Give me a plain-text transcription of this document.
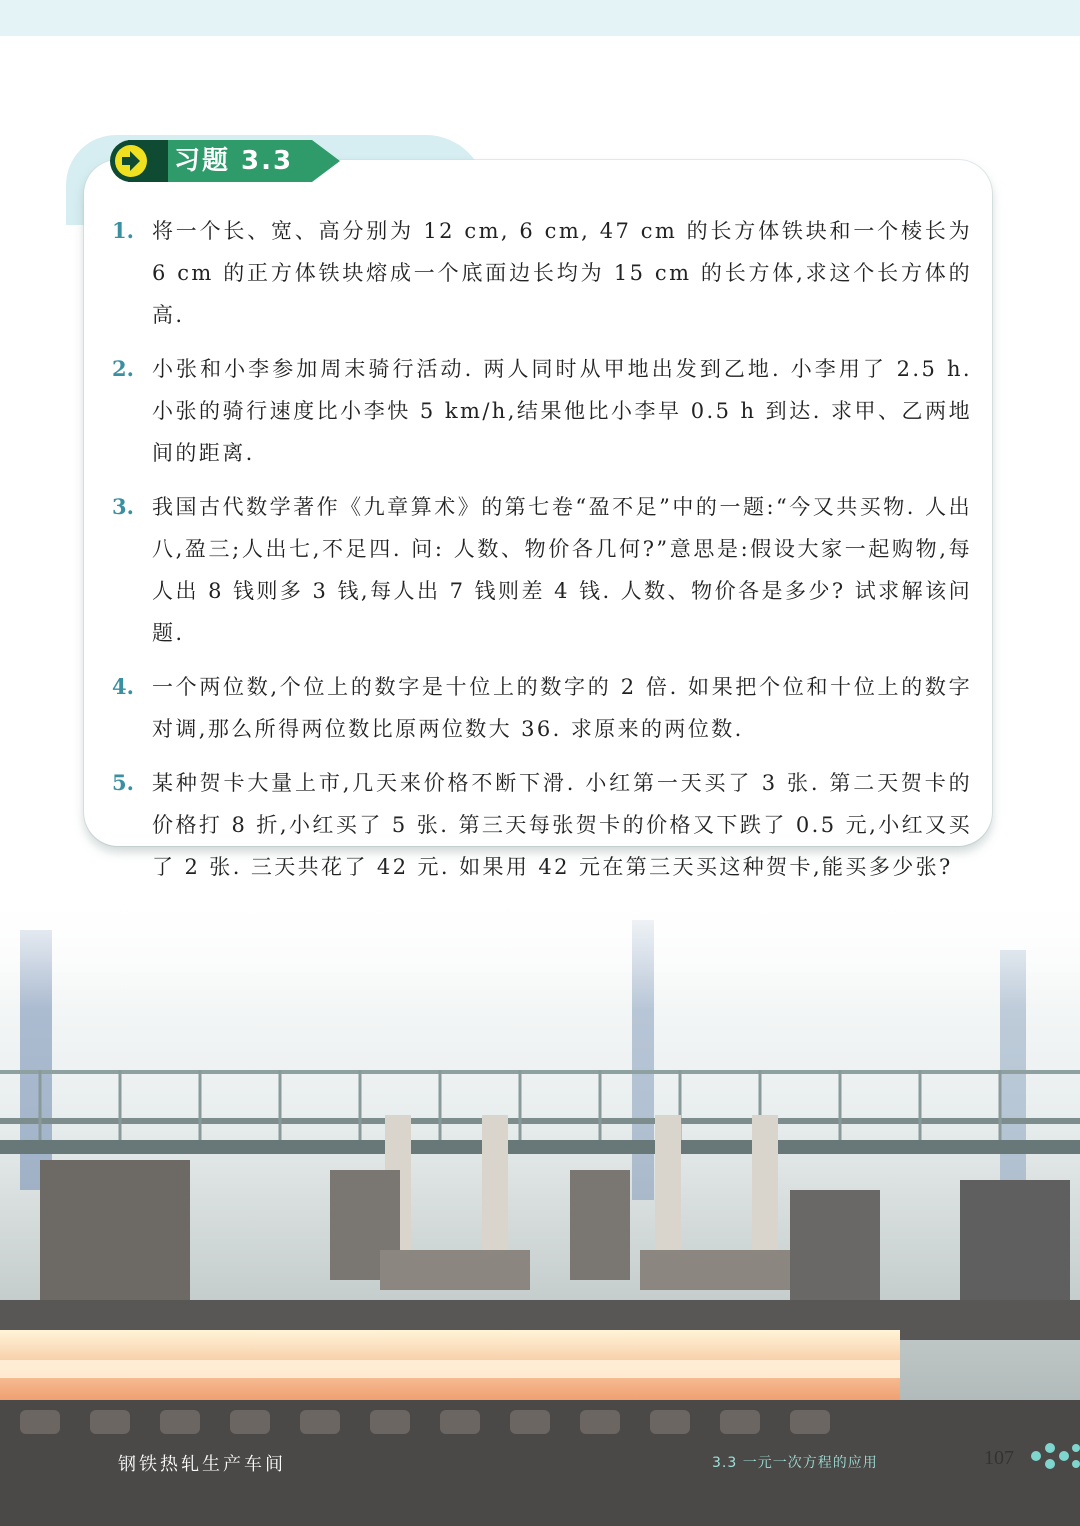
习题 3.3
1. 将一个长、宽、高分别为 12 cm, 6 cm, 47 cm 的长方体铁块和一个棱长为 6 cm 的正方体铁块熔成一个底面边长均为 15 cm 的长方体,求这个长方体的高.
2. 小张和小李参加周末骑行活动. 两人同时从甲地出发到乙地. 小李用了 2.5 h. 小张的骑行速度比小李快 5 km/h,结果他比小李早 0.5 h 到达. 求甲、乙两地间的距离.
3. 我国古代数学著作《九章算术》的第七卷“盈不足”中的一题:“今又共买物. 人出八,盈三;人出七,不足四. 问: 人数、物价各几何?”意思是:假设大家一起购物,每人出 8 钱则多 3 钱,每人出 7 钱则差 4 钱. 人数、物价各是多少? 试求解该问题.
4. 一个两位数,个位上的数字是十位上的数字的 2 倍. 如果把个位和十位上的数字对调,那么所得两位数比原两位数大 36. 求原来的两位数.
5. 某种贺卡大量上市,几天来价格不断下滑. 小红第一天买了 3 张. 第二天贺卡的价格打 8 折,小红买了 5 张. 第三天每张贺卡的价格又下跌了 0.5 元,小红又买了 2 张. 三天共花了 42 元. 如果用 42 元在第三天买这种贺卡,能买多少张?
钢铁热轧生产车间	3.3 一元一次方程的应用	107
